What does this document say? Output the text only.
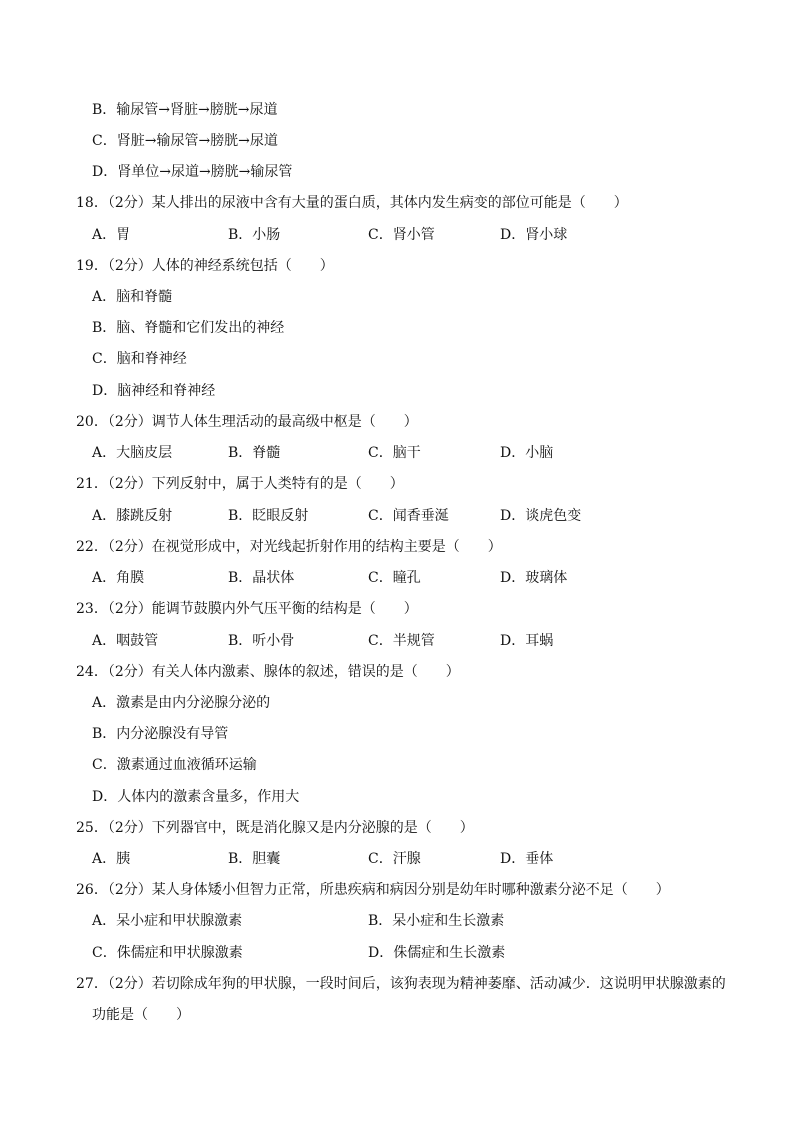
B．输尿管→肾脏→膀胱→尿道
C．肾脏→输尿管→膀胱→尿道
D．肾单位→尿道→膀胱→输尿管
18．（2分）某人排出的尿液中含有大量的蛋白质，其体内发生病变的部位可能是（　　）
A．胃	B．小肠	C．肾小管	D．肾小球
19．（2分）人体的神经系统包括（　　）
A．脑和脊髓
B．脑、脊髓和它们发出的神经
C．脑和脊神经
D．脑神经和脊神经
20．（2分）调节人体生理活动的最高级中枢是（　　）
A．大脑皮层	B．脊髓	C．脑干	D．小脑
21．（2分）下列反射中，属于人类特有的是（　　）
A．膝跳反射	B．眨眼反射	C．闻香垂涎	D．谈虎色变
22．（2分）在视觉形成中，对光线起折射作用的结构主要是（　　）
A．角膜	B．晶状体	C．瞳孔	D．玻璃体
23．（2分）能调节鼓膜内外气压平衡的结构是（　　）
A．咽鼓管	B．听小骨	C．半规管	D．耳蜗
24．（2分）有关人体内激素、腺体的叙述，错误的是（　　）
A．激素是由内分泌腺分泌的
B．内分泌腺没有导管
C．激素通过血液循环运输
D．人体内的激素含量多，作用大
25．（2分）下列器官中，既是消化腺又是内分泌腺的是（　　）
A．胰	B．胆囊	C．汗腺	D．垂体
26．（2分）某人身体矮小但智力正常，所患疾病和病因分别是幼年时哪种激素分泌不足（　　）
A．呆小症和甲状腺激素	B．呆小症和生长激素
C．侏儒症和甲状腺激素	D．侏儒症和生长激素
27．（2分）若切除成年狗的甲状腺，一段时间后，该狗表现为精神萎靡、活动减少．这说明甲状腺激素的
功能是（　　）
